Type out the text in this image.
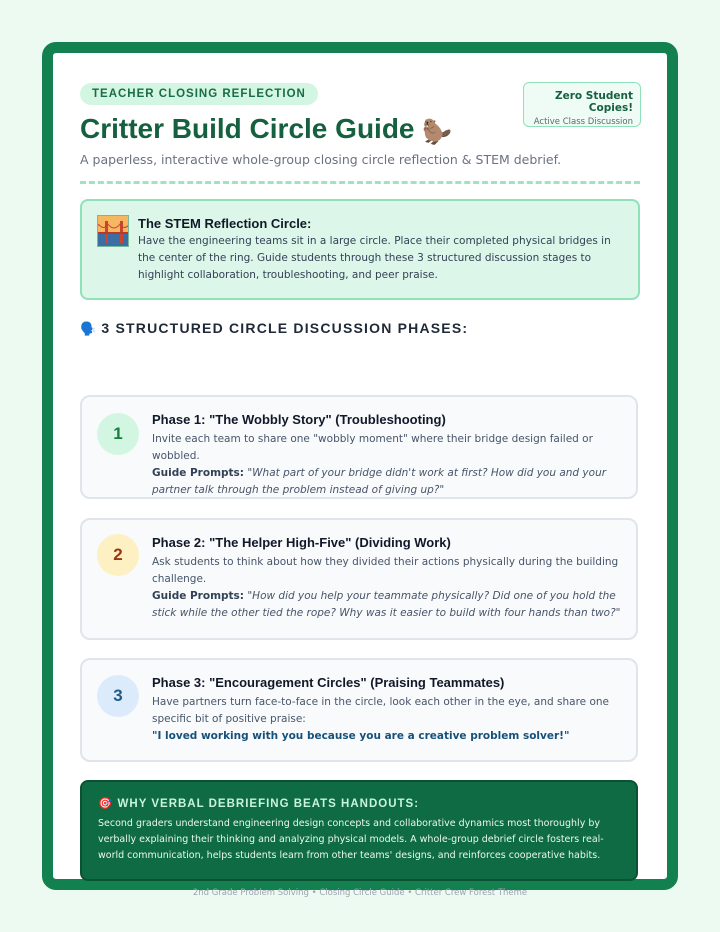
TEACHER CLOSING REFLECTION	Zero Student Copies!
Active Class Discussion
Critter Build Circle Guide 🦫
A paperless, interactive whole-group closing circle reflection & STEM debrief.
The STEM Reflection Circle:
Have the engineering teams sit in a large circle. Place their completed physical bridges in the center of the ring. Guide students through these 3 structured discussion stages to highlight collaboration, troubleshooting, and peer praise.
🗣️ 3 STRUCTURED CIRCLE DISCUSSION PHASES:
1
Phase 1: "The Wobbly Story" (Troubleshooting)
Invite each team to share one "wobbly moment" where their bridge design failed or wobbled.
Guide Prompts: "What part of your bridge didn't work at first? How did you and your partner talk through the problem instead of giving up?"
2
Phase 2: "The Helper High-Five" (Dividing Work)
Ask students to think about how they divided their actions physically during the building challenge.
Guide Prompts: "How did you help your teammate physically? Did one of you hold the stick while the other tied the rope? Why was it easier to build with four hands than two?"
3
Phase 3: "Encouragement Circles" (Praising Teammates)
Have partners turn face-to-face in the circle, look each other in the eye, and share one specific bit of positive praise:
"I loved working with you because you are a creative problem solver!"
🎯 WHY VERBAL DEBRIEFING BEATS HANDOUTS:
Second graders understand engineering design concepts and collaborative dynamics most thoroughly by verbally explaining their thinking and analyzing physical models. A whole-group debrief circle fosters real-world communication, helps students learn from other teams' designs, and reinforces cooperative habits.
2nd Grade Problem Solving • Closing Circle Guide • Critter Crew Forest Theme
